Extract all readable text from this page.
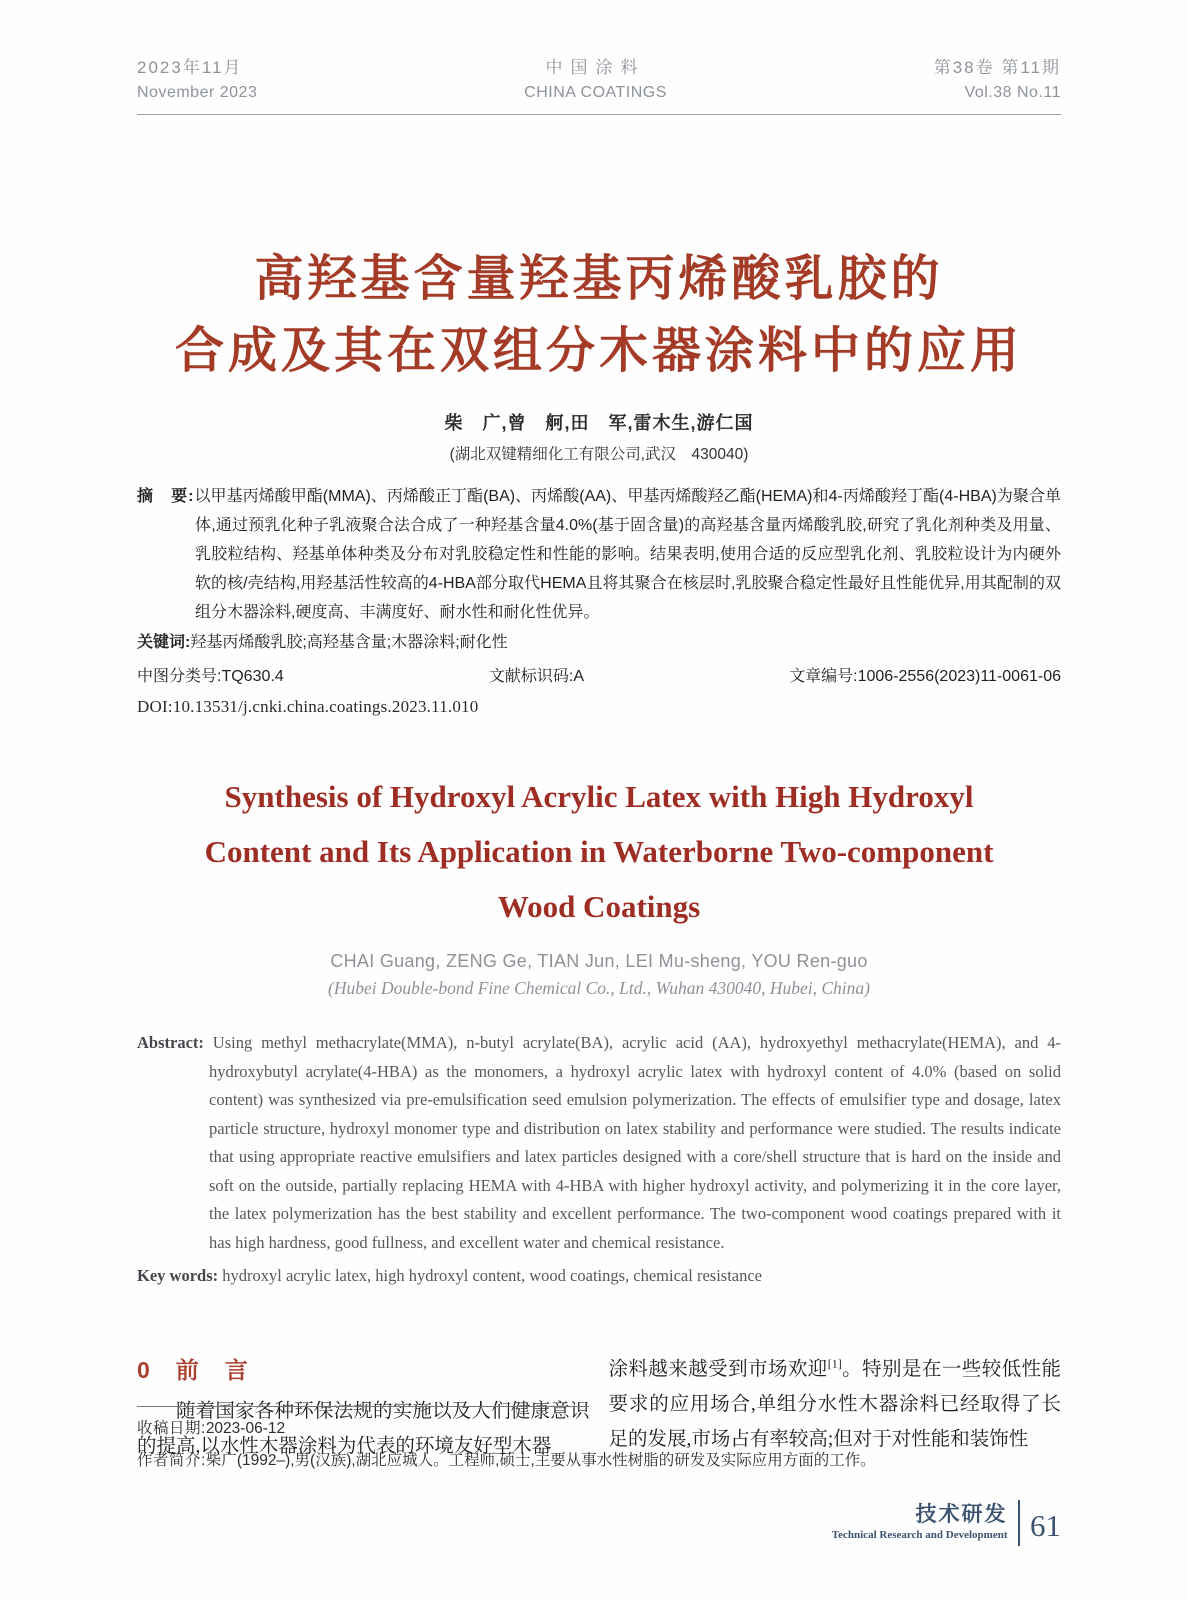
2023年11月
November 2023
中国涂料
CHINA COATINGS
第38卷 第11期
Vol.38 No.11
高羟基含量羟基丙烯酸乳胶的
合成及其在双组分木器涂料中的应用
柴　广,曾　舸,田　军,雷木生,游仁国
(湖北双键精细化工有限公司,武汉　430040)
摘　要:以甲基丙烯酸甲酯(MMA)、丙烯酸正丁酯(BA)、丙烯酸(AA)、甲基丙烯酸羟乙酯(HEMA)和4-丙烯酸羟丁酯(4-HBA)为聚合单体,通过预乳化种子乳液聚合法合成了一种羟基含量4.0%(基于固含量)的高羟基含量丙烯酸乳胶,研究了乳化剂种类及用量、乳胶粒结构、羟基单体种类及分布对乳胶稳定性和性能的影响。结果表明,使用合适的反应型乳化剂、乳胶粒设计为内硬外软的核/壳结构,用羟基活性较高的4-HBA部分取代HEMA且将其聚合在核层时,乳胶聚合稳定性最好且性能优异,用其配制的双组分木器涂料,硬度高、丰满度好、耐水性和耐化性优异。
关键词:羟基丙烯酸乳胶;高羟基含量;木器涂料;耐化性
中图分类号:TQ630.4	文献标识码:A	文章编号:1006-2556(2023)11-0061-06
DOI:10.13531/j.cnki.china.coatings.2023.11.010
Synthesis of Hydroxyl Acrylic Latex with High Hydroxyl
Content and Its Application in Waterborne Two-component
Wood Coatings
CHAI Guang, ZENG Ge, TIAN Jun, LEI Mu-sheng, YOU Ren-guo
(Hubei Double-bond Fine Chemical Co., Ltd., Wuhan 430040, Hubei, China)
Abstract: Using methyl methacrylate(MMA), n-butyl acrylate(BA), acrylic acid (AA), hydroxyethyl methacrylate(HEMA), and 4-hydroxybutyl acrylate(4-HBA) as the monomers, a hydroxyl acrylic latex with hydroxyl content of 4.0% (based on solid content) was synthesized via pre-emulsification seed emulsion polymerization. The effects of emulsifier type and dosage, latex particle structure, hydroxyl monomer type and distribution on latex stability and performance were studied. The results indicate that using appropriate reactive emulsifiers and latex particles designed with a core/shell structure that is hard on the inside and soft on the outside, partially replacing HEMA with 4-HBA with higher hydroxyl activity, and polymerizing it in the core layer, the latex polymerization has the best stability and excellent performance. The two-component wood coatings prepared with it has high hardness, good fullness, and excellent water and chemical resistance.
Key words: hydroxyl acrylic latex, high hydroxyl content, wood coatings, chemical resistance
0 前言
随着国家各种环保法规的实施以及人们健康意识的提高,以水性木器涂料为代表的环境友好型木器
涂料越来越受到市场欢迎[1]。特别是在一些较低性能要求的应用场合,单组分水性木器涂料已经取得了长足的发展,市场占有率较高;但对于对性能和装饰性
收稿日期:2023-06-12
作者简介:柴广(1992–),男(汉族),湖北应城人。工程师,硕士,主要从事水性树脂的研发及实际应用方面的工作。
技术研发
Technical Research and Development 61
